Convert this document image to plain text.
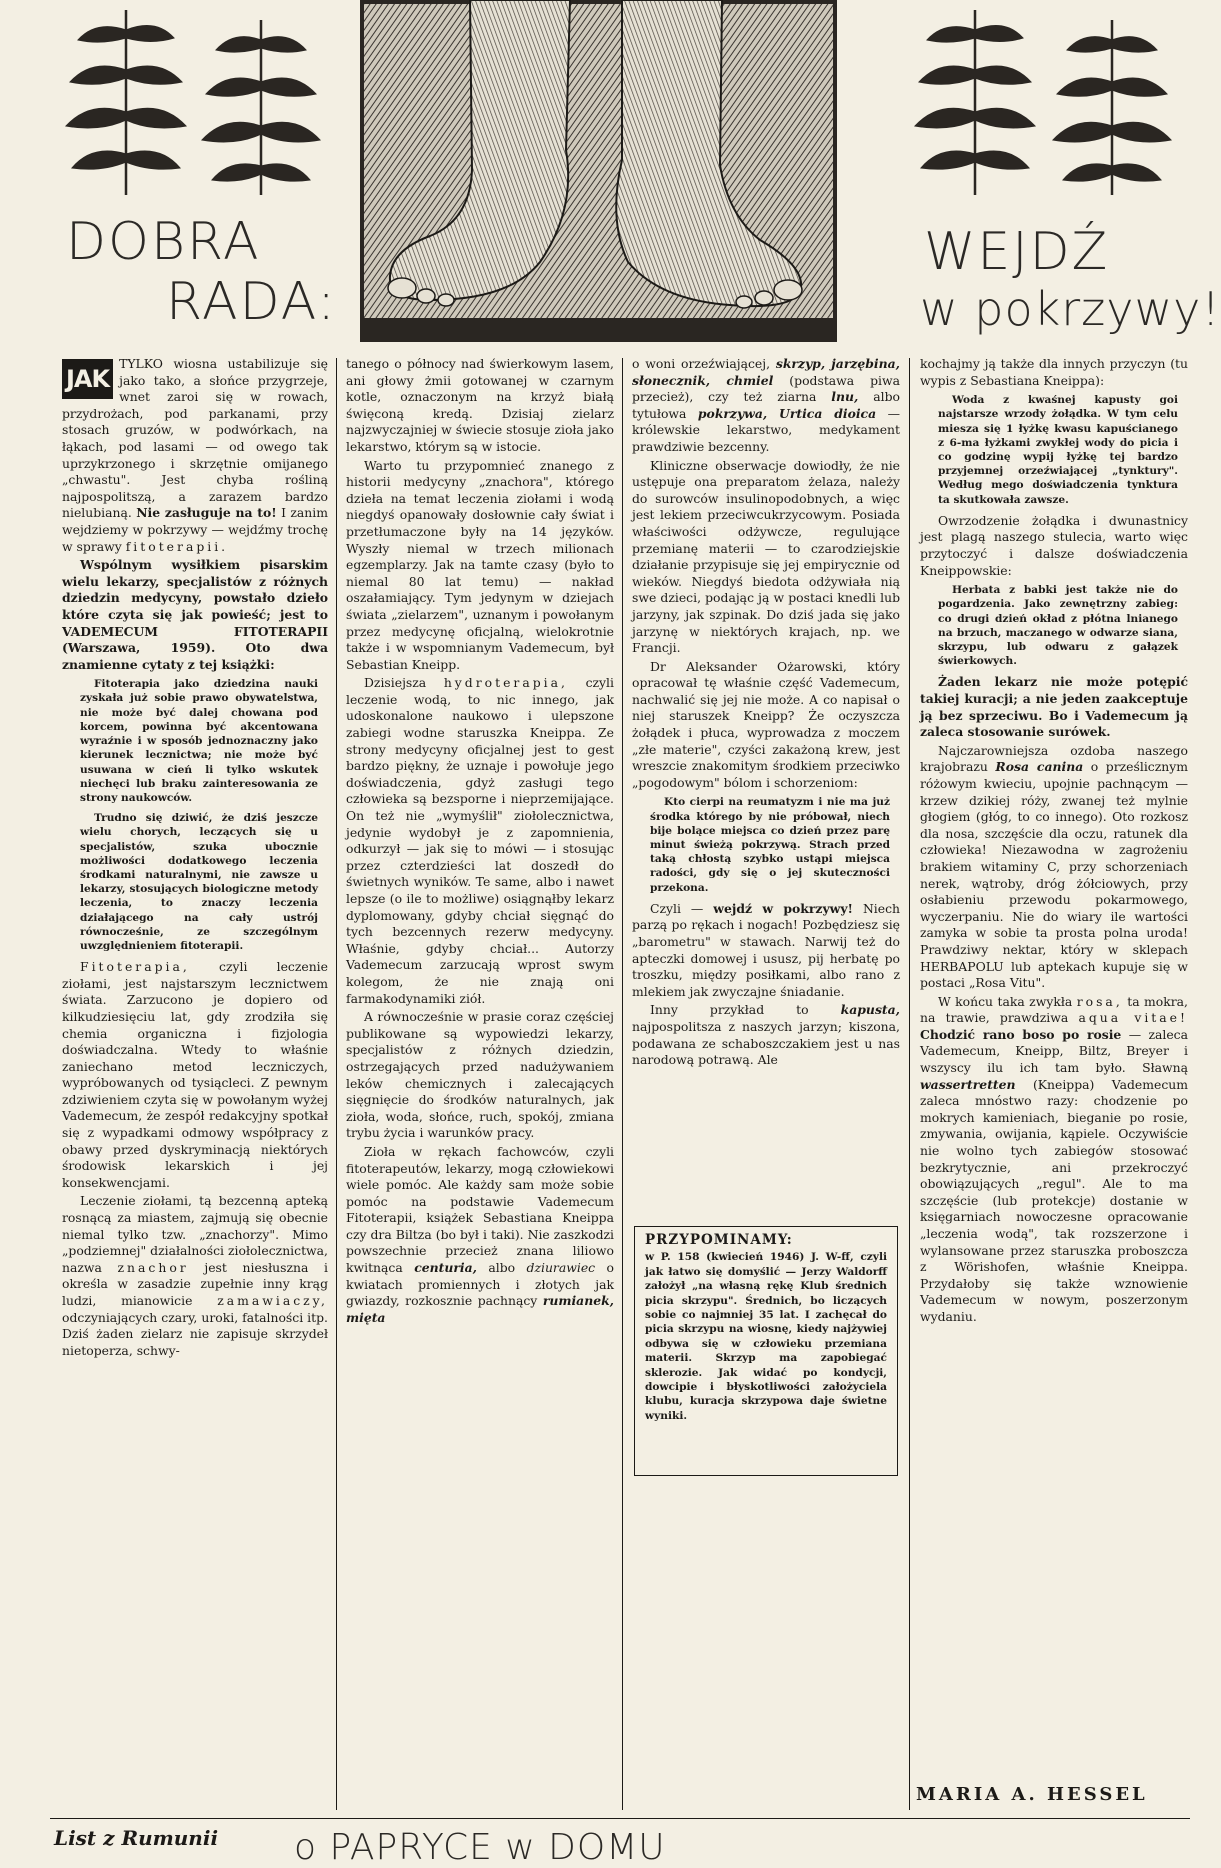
DOBRA
RADA:
WEJDŹ
w pokrzywy!

JAK
TYLKO wiosna ustabilizuje się jako tako, a słońce przygrzeje, wnet zaroi się w rowach, przydrożach, pod parkanami, przy stosach gruzów, w podwórkach, na łąkach, pod lasami — od owego tak uprzykrzonego i skrzętnie omijanego „chwastu". Jest chyba rośliną najpospolitszą, a zarazem bardzo nielubianą. Nie zasługuje na to! I zanim wejdziemy w pokrzywy — wejdźmy trochę w sprawy fitoterapii.

Wspólnym wysiłkiem pisarskim wielu lekarzy, specjalistów z różnych dziedzin medycyny, powstało dzieło które czyta się jak powieść; jest to VADEMECUM FITOTERAPII (Warszawa, 1959). Oto dwa znamienne cytaty z tej książki:

Fitoterapia jako dziedzina nauki zyskała już sobie prawo obywatelstwa, nie może być dalej chowana pod korcem, powinna być akcentowana wyraźnie i w sposób jednoznaczny jako kierunek lecznictwa; nie może być usuwana w cień li tylko wskutek niechęci lub braku zainteresowania ze strony naukowców.

Trudno się dziwić, że dziś jeszcze wielu chorych, leczących się u specjalistów, szuka ubocznie możliwości dodatkowego leczenia środkami naturalnymi, nie zawsze u lekarzy, stosujących biologiczne metody leczenia, to znaczy leczenia działającego na cały ustrój równocześnie, ze szczególnym uwzględnieniem fitoterapii.

Fitoterapia, czyli leczenie ziołami, jest najstarszym lecznictwem świata. Zarzucono je dopiero od kilkudziesięciu lat, gdy zrodziła się chemia organiczna i fizjologia doświadczalna. Wtedy to właśnie zaniechano metod leczniczych, wypróbowanych od tysiącleci. Z pewnym zdziwieniem czyta się w powołanym wyżej Vademecum, że zespół redakcyjny spotkał się z wypadkami odmowy współpracy z obawy przed dyskryminacją niektórych środowisk lekarskich i jej konsekwencjami.

Leczenie ziołami, tą bezcenną apteką rosnącą za miastem, zajmują się obecnie niemal tylko tzw. „znachorzy". Mimo „podziemnej" działalności ziołolecznictwa, nazwa znachor jest niesłuszna i określa w zasadzie zupełnie inny krąg ludzi, mianowicie zamawiaczy, odczyniających czary, uroki, fatalności itp. Dziś żaden zielarz nie zapisuje skrzydeł nietoperza, schwy-

tanego o północy nad świerkowym lasem, ani głowy żmii gotowanej w czarnym kotle, oznaczonym na krzyż białą święconą kredą. Dzisiaj zielarz najzwyczajniej w świecie stosuje zioła jako lekarstwo, którym są w istocie.

Warto tu przypomnieć znanego z historii medycyny „znachora", którego dzieła na temat leczenia ziołami i wodą niegdyś opanowały dosłownie cały świat i przetłumaczone były na 14 języków. Wyszły niemal w trzech milionach egzemplarzy. Jak na tamte czasy (było to niemal 80 lat temu) — nakład oszałamiający. Tym jedynym w dziejach świata „zielarzem", uznanym i powołanym przez medycynę oficjalną, wielokrotnie także i w wspomnianym Vademecum, był Sebastian Kneipp.

Dzisiejsza hydroterapia, czyli leczenie wodą, to nic innego, jak udoskonalone naukowo i ulepszone zabiegi wodne staruszka Kneippa. Ze strony medycyny oficjalnej jest to gest bardzo piękny, że uznaje i powołuje jego doświadczenia, gdyż zasługi tego człowieka są bezsporne i nieprzemijające. On też nie „wymyślił" ziołolecznictwa, jedynie wydobył je z zapomnienia, odkurzył — jak się to mówi — i stosując przez czterdzieści lat doszedł do świetnych wyników. Te same, albo i nawet lepsze (o ile to możliwe) osiągnąłby lekarz dyplomowany, gdyby chciał sięgnąć do tych bezcennych rezerw medycyny. Właśnie, gdyby chciał... Autorzy Vademecum zarzucają wprost swym kolegom, że nie znają oni farmakodynamiki ziół.

A równocześnie w prasie coraz częściej publikowane są wypowiedzi lekarzy, specjalistów z różnych dziedzin, ostrzegających przed nadużywaniem leków chemicznych i zalecających sięgnięcie do środków naturalnych, jak zioła, woda, słońce, ruch, spokój, zmiana trybu życia i warunków pracy.

Zioła w rękach fachowców, czyli fitoterapeutów, lekarzy, mogą człowiekowi wiele pomóc. Ale każdy sam może sobie pomóc na podstawie Vademecum Fitoterapii, książek Sebastiana Kneippa czy dra Biltza (bo był i taki). Nie zaszkodzi powszechnie przecież znana liliowo kwitnąca centuria, albo dziurawiec o kwiatach promiennych i złotych jak gwiazdy, rozkosznie pachnący rumianek, mięta

o woni orzeźwiającej, skrzyp, jarzębina, słonecznik, chmiel (podstawa piwa przecież), czy też ziarna lnu, albo tytułowa pokrzywa, Urtica dioica — królewskie lekarstwo, medykament prawdziwie bezcenny.

Kliniczne obserwacje dowiodły, że nie ustępuje ona preparatom żelaza, należy do surowców insulinopodobnych, a więc jest lekiem przeciwcukrzycowym. Posiada właściwości odżywcze, regulujące przemianę materii — to czarodziejskie działanie przypisuje się jej empirycznie od wieków. Niegdyś biedota odżywiała nią swe dzieci, podając ją w postaci knedli lub jarzyny, jak szpinak. Do dziś jada się jako jarzynę w niektórych krajach, np. we Francji.

Dr Aleksander Ożarowski, który opracował tę właśnie część Vademecum, nachwalić się jej nie może. A co napisał o niej staruszek Kneipp? Że oczyszcza żołądek i płuca, wyprowadza z moczem „złe materie", czyści zakażoną krew, jest wreszcie znakomitym środkiem przeciwko „pogodowym" bólom i schorzeniom:

Kto cierpi na reumatyzm i nie ma już środka którego by nie próbował, niech bije bolące miejsca co dzień przez parę minut świeżą pokrzywą. Strach przed taką chłostą szybko ustąpi miejsca radości, gdy się o jej skuteczności przekona.

Czyli — wejdź w pokrzywy! Niech parzą po rękach i nogach! Pozbędziesz się „barometru" w stawach. Narwij też do apteczki domowej i ususz, pij herbatę po troszku, między posiłkami, albo rano z mlekiem jak zwyczajne śniadanie.

Inny przykład to	kapusta, najpospolitsza z naszych jarzyn; kiszona, podawana ze schaboszczakiem jest u nas narodową potrawą. Ale

PRZYPOMINAMY:
w P. 158 (kwiecień 1946) J. W-ff, czyli jak łatwo się domyślić — Jerzy Waldorff założył „na własną rękę Klub średnich picia skrzypu". Średnich, bo liczących sobie co najmniej 35 lat. I zachęcał do picia skrzypu na wiosnę, kiedy najżywiej odbywa się w człowieku przemiana materii. Skrzyp ma zapobiegać sklerozie. Jak widać po kondycji, dowcipie i błyskotliwości założyciela klubu, kuracja skrzypowa daje świetne wyniki.

kochajmy ją także dla innych przyczyn (tu wypis z Sebastiana Kneippa):

Woda z kwaśnej kapusty goi najstarsze wrzody żołądka. W tym celu miesza się 1 łyżkę kwasu kapuścianego z 6-ma łyżkami zwykłej wody do picia i co godzinę wypij łyżkę tej bardzo przyjemnej orzeźwiającej „tynktury". Według mego doświadczenia tynktura ta skutkowała zawsze.

Owrzodzenie żołądka i dwunastnicy jest plagą naszego stulecia, warto więc przytoczyć i dalsze doświadczenia Kneippowskie:

Herbata z babki jest także nie do pogardzenia. Jako zewnętrzny zabieg: co drugi dzień okład z płótna lnianego na brzuch, maczanego w odwarze siana, skrzypu, lub odwaru z gałązek świerkowych.

Żaden lekarz nie może potępić takiej kuracji; a nie jeden zaakceptuje ją bez sprzeciwu. Bo i Vademecum ją zaleca stosowanie surówek.

Najczarowniejsza ozdoba naszego krajobrazu Rosa canina o prześlicznym różowym kwieciu, upojnie pachnącym — krzew dzikiej róży, zwanej też mylnie głogiem (głóg, to co innego). Oto rozkosz dla nosa, szczęście dla oczu, ratunek dla człowieka! Niezawodna w zagrożeniu brakiem witaminy C, przy schorzeniach nerek, wątroby, dróg żółciowych, przy osłabieniu przewodu pokarmowego, wyczerpaniu. Nie do wiary ile wartości zamyka w sobie ta prosta polna uroda! Prawdziwy nektar, który w sklepach HERBAPOLU lub aptekach kupuje się w postaci „Rosa Vitu".

W końcu taka zwykła rosa, ta mokra, na trawie, prawdziwa aqua vitae! Chodzić rano boso po rosie — zaleca Vademecum, Kneipp, Biltz, Breyer i wszyscy ilu ich tam było. Sławną wassertretten (Kneippa) Vademecum zaleca mnóstwo razy: chodzenie po mokrych kamieniach, bieganie po rosie, zmywania, owijania, kąpiele. Oczywiście nie wolno tych zabiegów stosować bezkrytycznie, ani przekroczyć obowiązujących „regul". Ale to ma szczęście (lub protekcje) dostanie w księgarniach nowoczesne opracowanie „leczenia wodą", tak rozszerzone i wylansowane przez staruszka proboszcza z Wörishofen, właśnie Kneippa. Przydałoby się także wznowienie Vademecum w nowym, poszerzonym wydaniu.

MARIA A. HESSEL
List z Rumunii o PAPRYCE w DOMU
